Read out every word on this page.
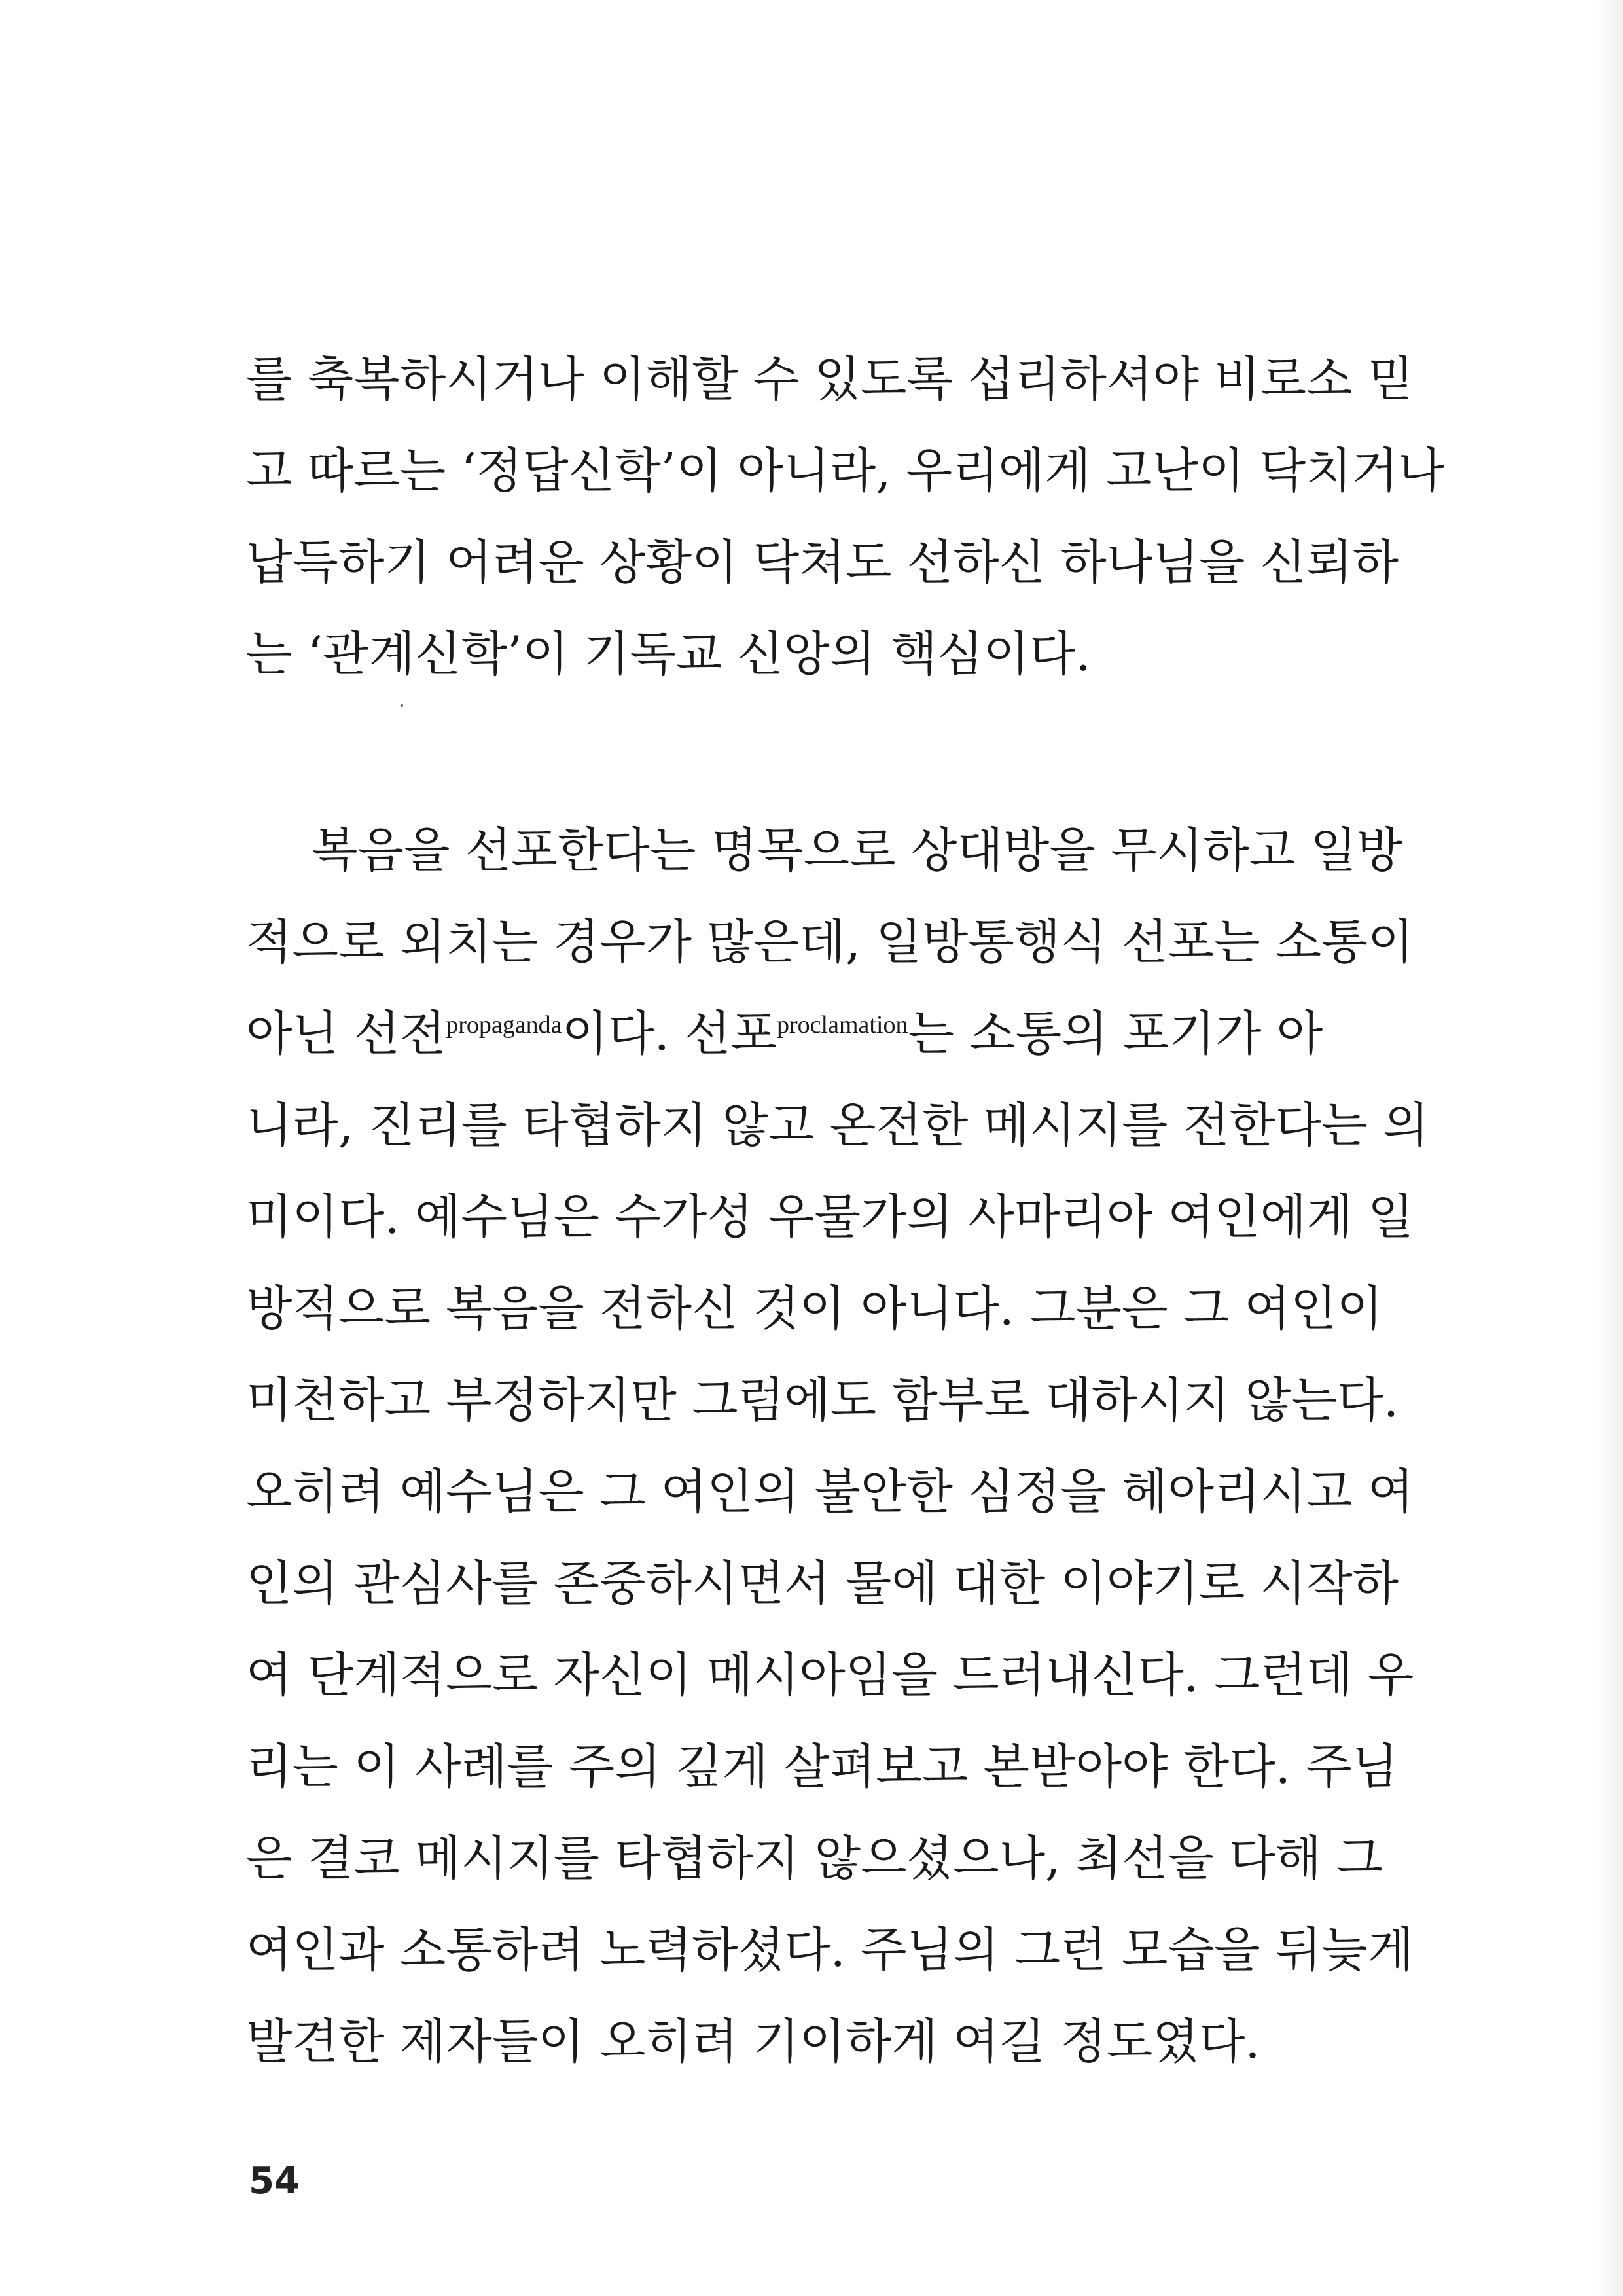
를 축복하시거나 이해할 수 있도록 섭리하셔야 비로소 믿
고 따르는 ‘정답신학’이 아니라, 우리에게 고난이 닥치거나
납득하기 어려운 상황이 닥쳐도 선하신 하나님을 신뢰하
는 ‘관계신학’이 기독교 신앙의 핵심이다.
복음을 선포한다는 명목으로 상대방을 무시하고 일방
적으로 외치는 경우가 많은데, 일방통행식 선포는 소통이
아닌 선전$^{propaganda}$이다. 선포$^{proclamation}$는 소통의 포기가 아
니라, 진리를 타협하지 않고 온전한 메시지를 전한다는 의
미이다. 예수님은 수가성 우물가의 사마리아 여인에게 일
방적으로 복음을 전하신 것이 아니다. 그분은 그 여인이
미천하고 부정하지만 그럼에도 함부로 대하시지 않는다.
오히려 예수님은 그 여인의 불안한 심정을 헤아리시고 여
인의 관심사를 존중하시면서 물에 대한 이야기로 시작하
여 단계적으로 자신이 메시아임을 드러내신다. 그런데 우
리는 이 사례를 주의 깊게 살펴보고 본받아야 한다. 주님
은 결코 메시지를 타협하지 않으셨으나, 최선을 다해 그
여인과 소통하려 노력하셨다. 주님의 그런 모습을 뒤늦게
발견한 제자들이 오히려 기이하게 여길 정도였다.
54
